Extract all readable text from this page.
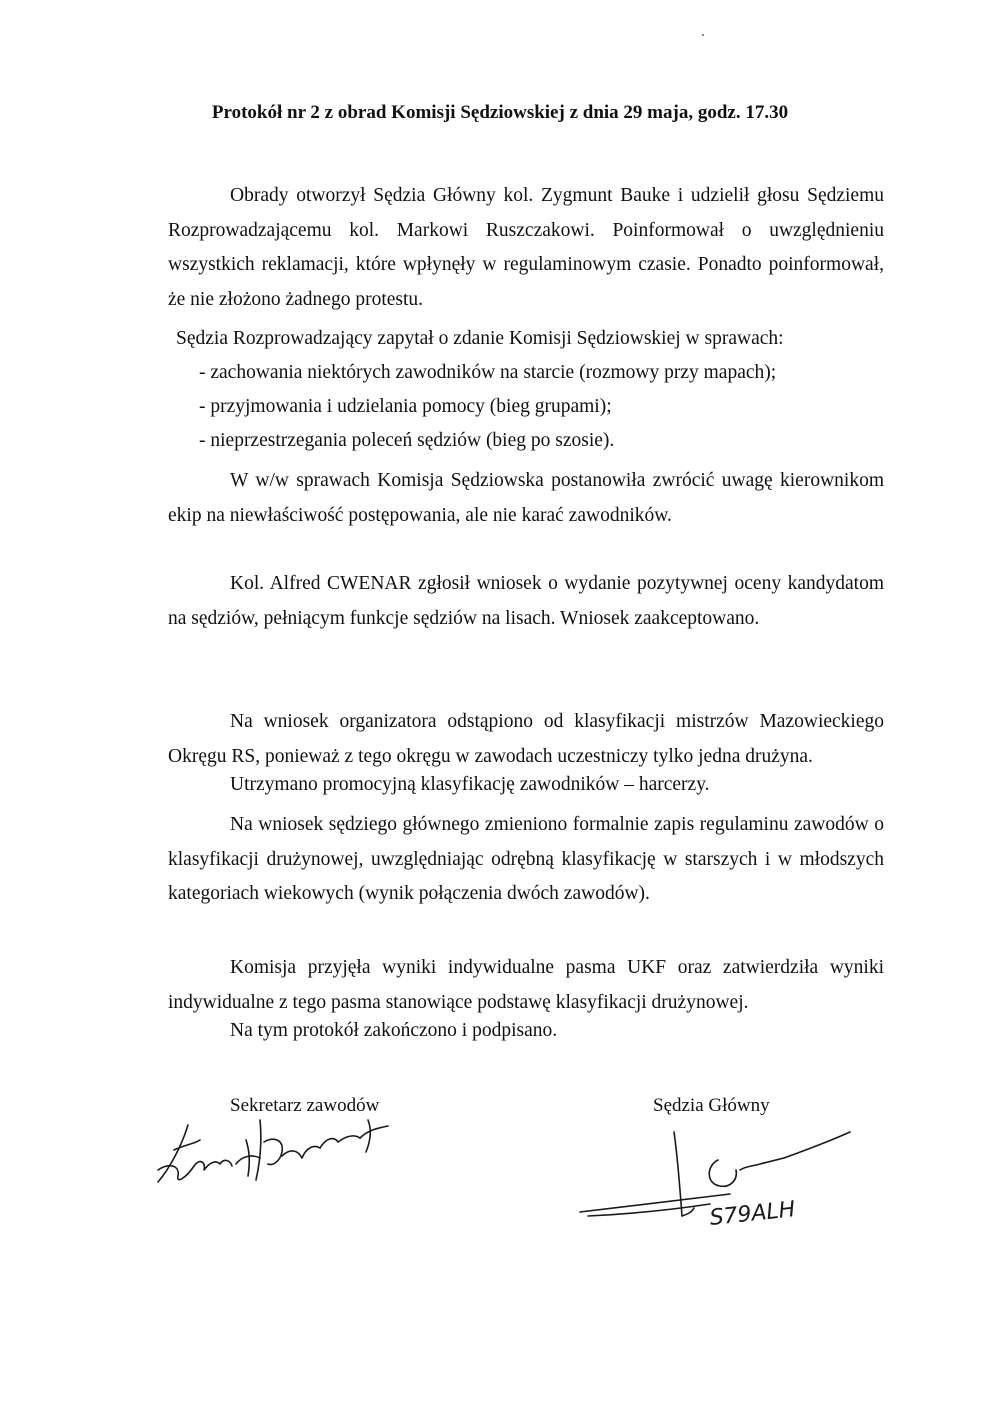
Protokół nr 2 z obrad Komisji Sędziowskiej z dnia 29 maja, godz. 17.30

Obrady otworzył Sędzia Główny kol. Zygmunt Bauke i udzielił głosu Sędziemu Rozprowadzającemu kol. Markowi Ruszczakowi. Poinformował o uwzględnieniu wszystkich reklamacji, które wpłynęły w regulaminowym czasie. Ponadto poinformował, że nie złożono żadnego protestu.

Sędzia Rozprowadzający zapytał o zdanie Komisji Sędziowskiej w sprawach:

- zachowania niektórych zawodników na starcie (rozmowy przy mapach);

- przyjmowania i udzielania pomocy (bieg grupami);

- nieprzestrzegania poleceń sędziów (bieg po szosie).

W w/w sprawach Komisja Sędziowska postanowiła zwrócić uwagę kierownikom ekip na niewłaściwość postępowania, ale nie karać zawodników.

Kol. Alfred CWENAR zgłosił wniosek o wydanie pozytywnej oceny kandydatom na sędziów, pełniącym funkcje sędziów na lisach. Wniosek zaakceptowano.

Na wniosek organizatora odstąpiono od klasyfikacji mistrzów Mazowieckiego Okręgu RS, ponieważ z tego okręgu w zawodach uczestniczy tylko jedna drużyna.

Utrzymano promocyjną klasyfikację zawodników – harcerzy.

Na wniosek sędziego głównego zmieniono formalnie zapis regulaminu zawodów o klasyfikacji drużynowej, uwzględniając odrębną klasyfikację w starszych i w młodszych kategoriach wiekowych (wynik połączenia dwóch zawodów).

Komisja przyjęła wyniki indywidualne pasma UKF oraz zatwierdziła wyniki indywidualne z tego pasma stanowiące podstawę klasyfikacji drużynowej.

Na tym protokół zakończono i podpisano.

Sekretarz zawodów	Sędzia Główny

S79ALH
